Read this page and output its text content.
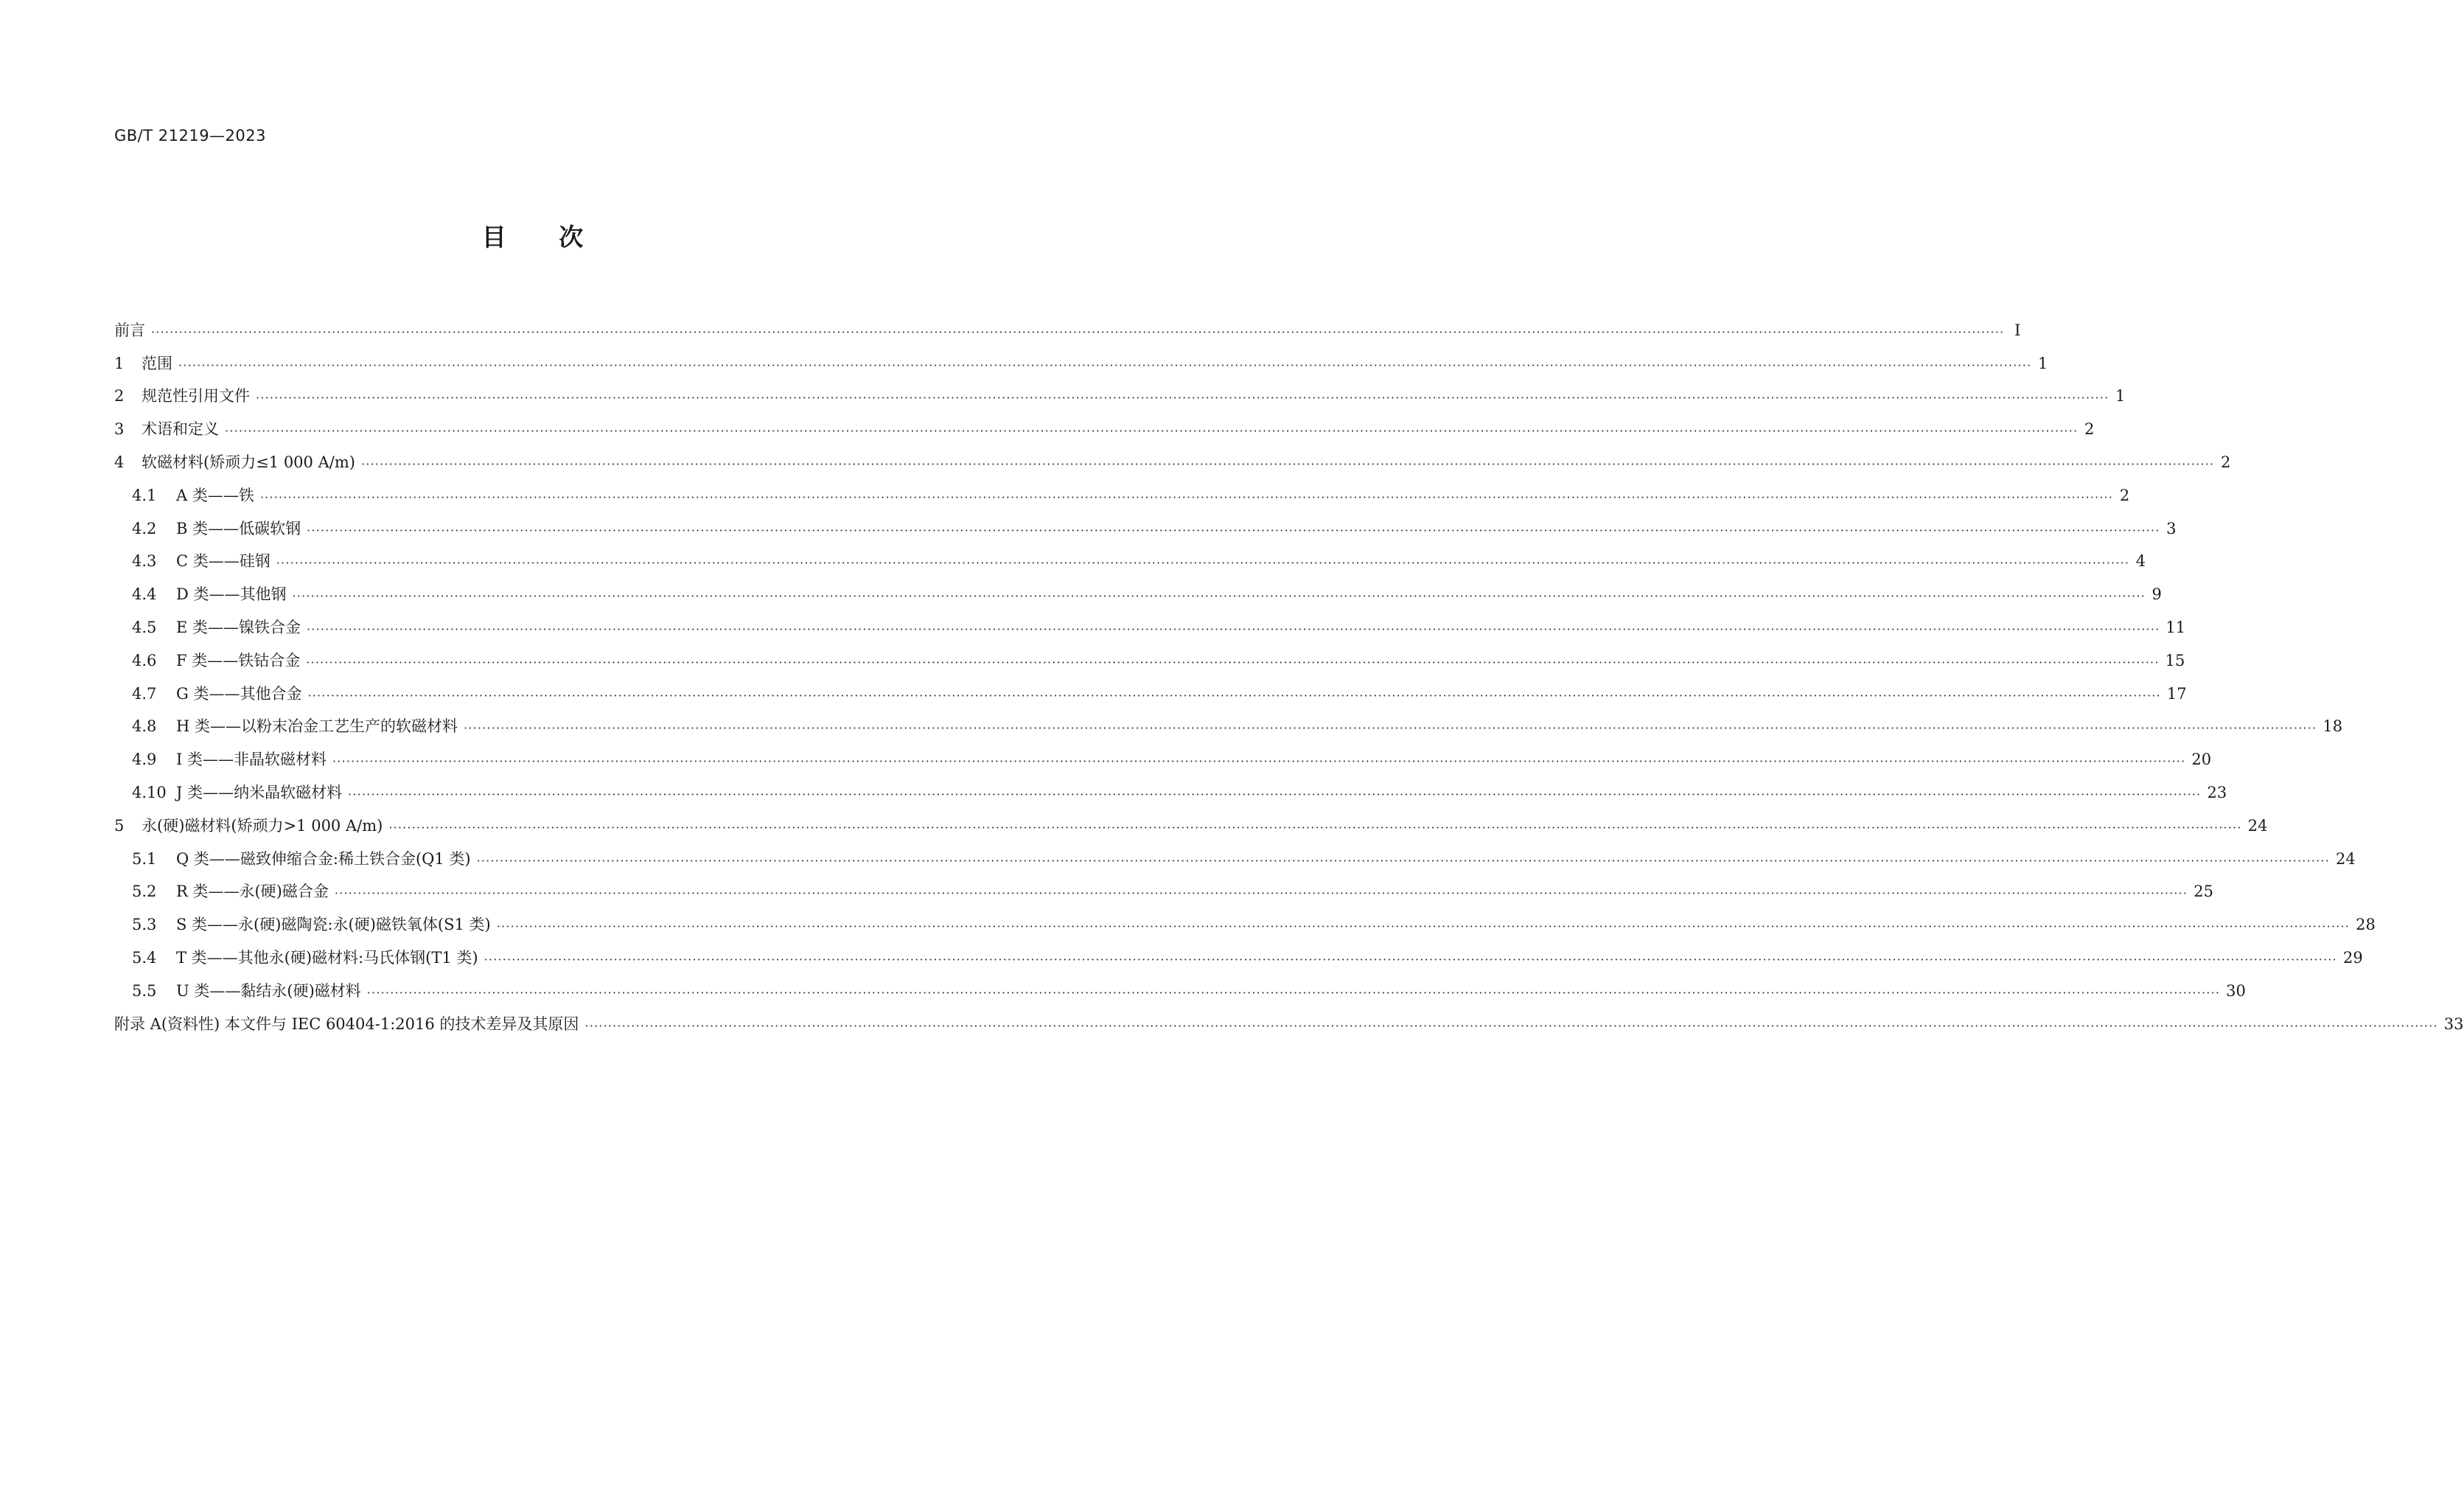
GB/T 21219—2023
目 次
前言 ················································································································································································································································································································································································································ Ⅰ
1	范围 ················································································································································································································································································································································································································ 1
2	规范性引用文件 ················································································································································································································································································································································································································ 1
3	术语和定义 ················································································································································································································································································································································································································ 2
4	软磁材料(矫顽力≤1 000 A/m) ················································································································································································································································································································································································································ 2
4.1	A 类——铁 ················································································································································································································································································································································································································ 2
4.2	B 类——低碳软钢 ················································································································································································································································································································································································································ 3
4.3	C 类——硅钢 ················································································································································································································································································································································································································ 4
4.4	D 类——其他钢 ················································································································································································································································································································································································································ 9
4.5	E 类——镍铁合金 ················································································································································································································································································································································································································ 11
4.6	F 类——铁钴合金 ················································································································································································································································································································································································································ 15
4.7	G 类——其他合金 ················································································································································································································································································································································································································ 17
4.8	H 类——以粉末冶金工艺生产的软磁材料 ················································································································································································································································································································································································································ 18
4.9	I 类——非晶软磁材料 ················································································································································································································································································································································································································ 20
4.10 J 类——纳米晶软磁材料 ················································································································································································································································································································································································································ 23
5	永(硬)磁材料(矫顽力>1 000 A/m) ················································································································································································································································································································································································································ 24
5.1	Q 类——磁致伸缩合金:稀土铁合金(Q1 类) ················································································································································································································································································································································································································ 24
5.2	R 类——永(硬)磁合金 ················································································································································································································································································································································································································ 25
5.3	S 类——永(硬)磁陶瓷:永(硬)磁铁氧体(S1 类) ················································································································································································································································································································································································································ 28
5.4	T 类——其他永(硬)磁材料:马氏体钢(T1 类) ················································································································································································································································································································································································································ 29
5.5	U 类——黏结永(硬)磁材料 ················································································································································································································································································································································································································ 30
附录 A(资料性) 本文件与 IEC 60404-1:2016 的技术差异及其原因 ················································································································································································································································································································································································································ 33
